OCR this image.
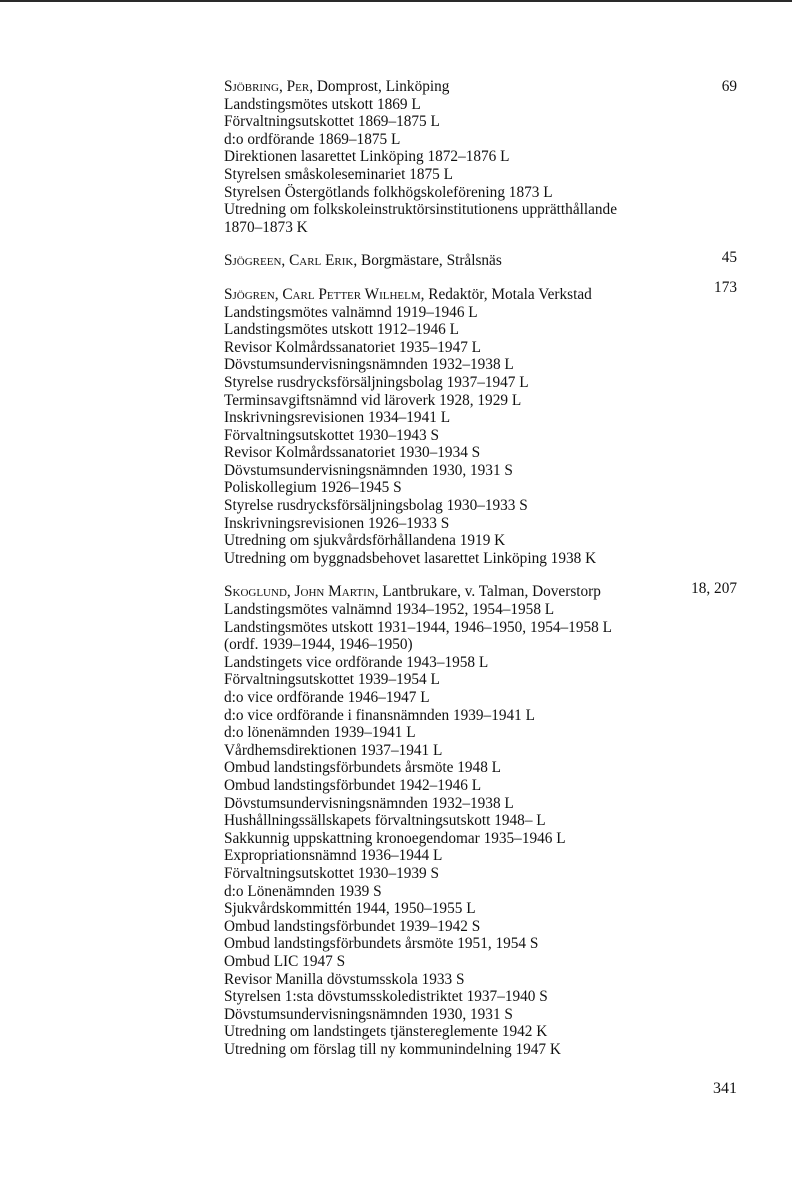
Sjöbring, Per, Domprost, Linköping
Landstingsmötes utskott 1869 L
Förvaltningsutskottet 1869–1875 L
d:o ordförande 1869–1875 L
Direktionen lasarettet Linköping 1872–1876 L
Styrelsen småskoleseminariet 1875 L
Styrelsen Östergötlands folkhögskoleförening 1873 L
Utredning om folkskoleinstruktörsinstitutionens upprätthållande
1870–1873 K
Sjögreen, Carl Erik, Borgmästare, Strålsnäs
Sjögren, Carl Petter Wilhelm, Redaktör, Motala Verkstad
Landstingsmötes valnämnd 1919–1946 L
Landstingsmötes utskott 1912–1946 L
Revisor Kolmårdssanatoriet 1935–1947 L
Dövstumsundervisningsnämnden 1932–1938 L
Styrelse rusdrycksförsäljningsbolag 1937–1947 L
Terminsavgiftsnämnd vid läroverk 1928, 1929 L
Inskrivningsrevisionen 1934–1941 L
Förvaltningsutskottet 1930–1943 S
Revisor Kolmårdssanatoriet 1930–1934 S
Dövstumsundervisningsnämnden 1930, 1931 S
Poliskollegium 1926–1945 S
Styrelse rusdrycksförsäljningsbolag 1930–1933 S
Inskrivningsrevisionen 1926–1933 S
Utredning om sjukvårdsförhållandena 1919 K
Utredning om byggnadsbehovet lasarettet Linköping 1938 K
Skoglund, John Martin, Lantbrukare, v. Talman, Doverstorp
Landstingsmötes valnämnd 1934–1952, 1954–1958 L
Landstingsmötes utskott 1931–1944, 1946–1950, 1954–1958 L
(ordf. 1939–1944, 1946–1950)
Landstingets vice ordförande 1943–1958 L
Förvaltningsutskottet 1939–1954 L
d:o vice ordförande 1946–1947 L
d:o vice ordförande i finansnämnden 1939–1941 L
d:o lönenämnden 1939–1941 L
Vårdhemsdirektionen 1937–1941 L
Ombud landstingsförbundets årsmöte 1948 L
Ombud landstingsförbundet 1942–1946 L
Dövstumsundervisningsnämnden 1932–1938 L
Hushållningssällskapets förvaltningsutskott 1948– L
Sakkunnig uppskattning kronoegendomar 1935–1946 L
Expropriationsnämnd 1936–1944 L
Förvaltningsutskottet 1930–1939 S
d:o Lönenämnden 1939 S
Sjukvårdskommittén 1944, 1950–1955 L
Ombud landstingsförbundet 1939–1942 S
Ombud landstingsförbundets årsmöte 1951, 1954 S
Ombud LIC 1947 S
Revisor Manilla dövstumsskola 1933 S
Styrelsen 1:sta dövstumsskoledistriktet 1937–1940 S
Dövstumsundervisningsnämnden 1930, 1931 S
Utredning om landstingets tjänstereglemente 1942 K
Utredning om förslag till ny kommunindelning 1947 K
69
45
173
18, 207
341
